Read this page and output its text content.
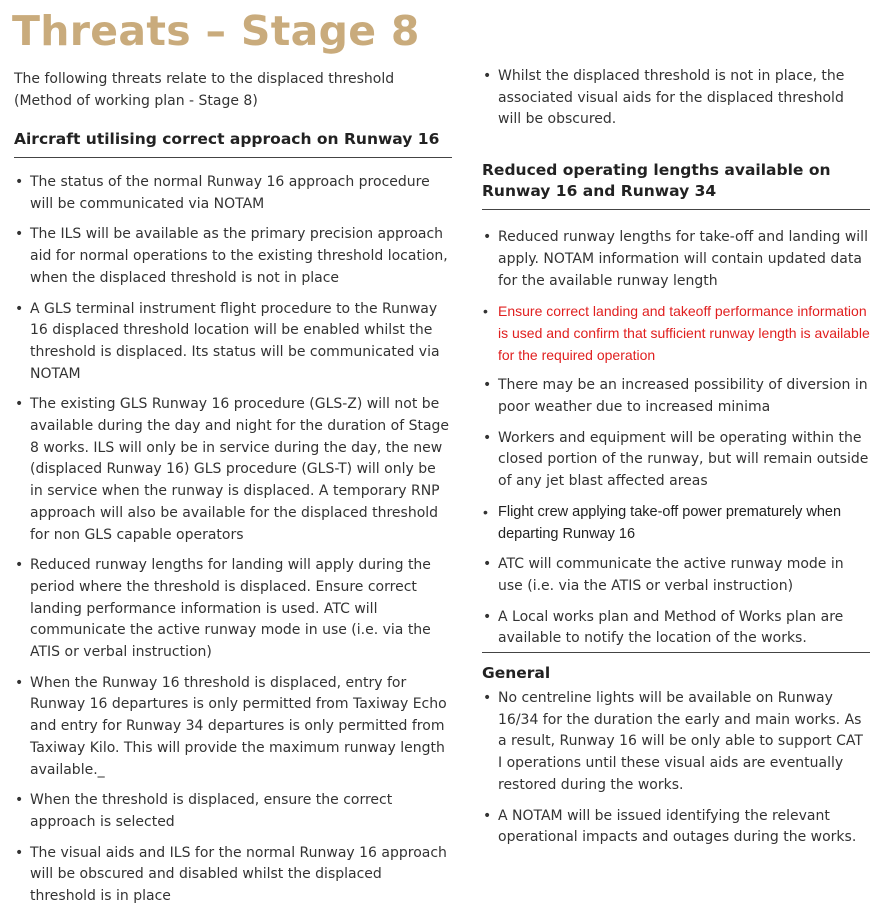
Threats – Stage 8

The following threats relate to the displaced threshold (Method of working plan - Stage 8)

Aircraft utilising correct approach on Runway 16
• The status of the normal Runway 16 approach procedure will be communicated via NOTAM
• The ILS will be available as the primary precision approach aid for normal operations to the existing threshold location, when the displaced threshold is not in place
• A GLS terminal instrument flight procedure to the Runway 16 displaced threshold location will be enabled whilst the threshold is displaced. Its status will be communicated via NOTAM
• The existing GLS Runway 16 procedure (GLS-Z) will not be available during the day and night for the duration of Stage 8 works. ILS will only be in service during the day, the new (displaced Runway 16) GLS procedure (GLS-T) will only be in service when the runway is displaced. A temporary RNP approach will also be available for the displaced threshold for non GLS capable operators
• Reduced runway lengths for landing will apply during the period where the threshold is displaced. Ensure correct landing performance information is used. ATC will communicate the active runway mode in use (i.e. via the ATIS or verbal instruction)
• When the Runway 16 threshold is displaced, entry for Runway 16 departures is only permitted from Taxiway Echo and entry for Runway 34 departures is only permitted from Taxiway Kilo. This will provide the maximum runway length available._
• When the threshold is displaced, ensure the correct approach is selected
• The visual aids and ILS for the normal Runway 16 approach will be obscured and disabled whilst the displaced threshold is in place
• Whilst the displaced threshold is not in place, the associated visual aids for the displaced threshold will be obscured.
Reduced operating lengths available on Runway 16 and Runway 34
• Reduced runway lengths for take-off and landing will apply. NOTAM information will contain updated data for the available runway length
• Ensure correct landing and takeoff performance information is used and confirm that sufficient runway length is available for the required operation
• There may be an increased possibility of diversion in poor weather due to increased minima
• Workers and equipment will be operating within the closed portion of the runway, but will remain outside of any jet blast affected areas
• Flight crew applying take-off power prematurely when departing Runway 16
• ATC will communicate the active runway mode in use (i.e. via the ATIS or verbal instruction)
• A Local works plan and Method of Works plan are available to notify the location of the works.
General
• No centreline lights will be available on Runway 16/34 for the duration the early and main works. As a result, Runway 16 will be only able to support CAT I operations until these visual aids are eventually restored during the works.
• A NOTAM will be issued identifying the relevant operational impacts and outages during the works.
